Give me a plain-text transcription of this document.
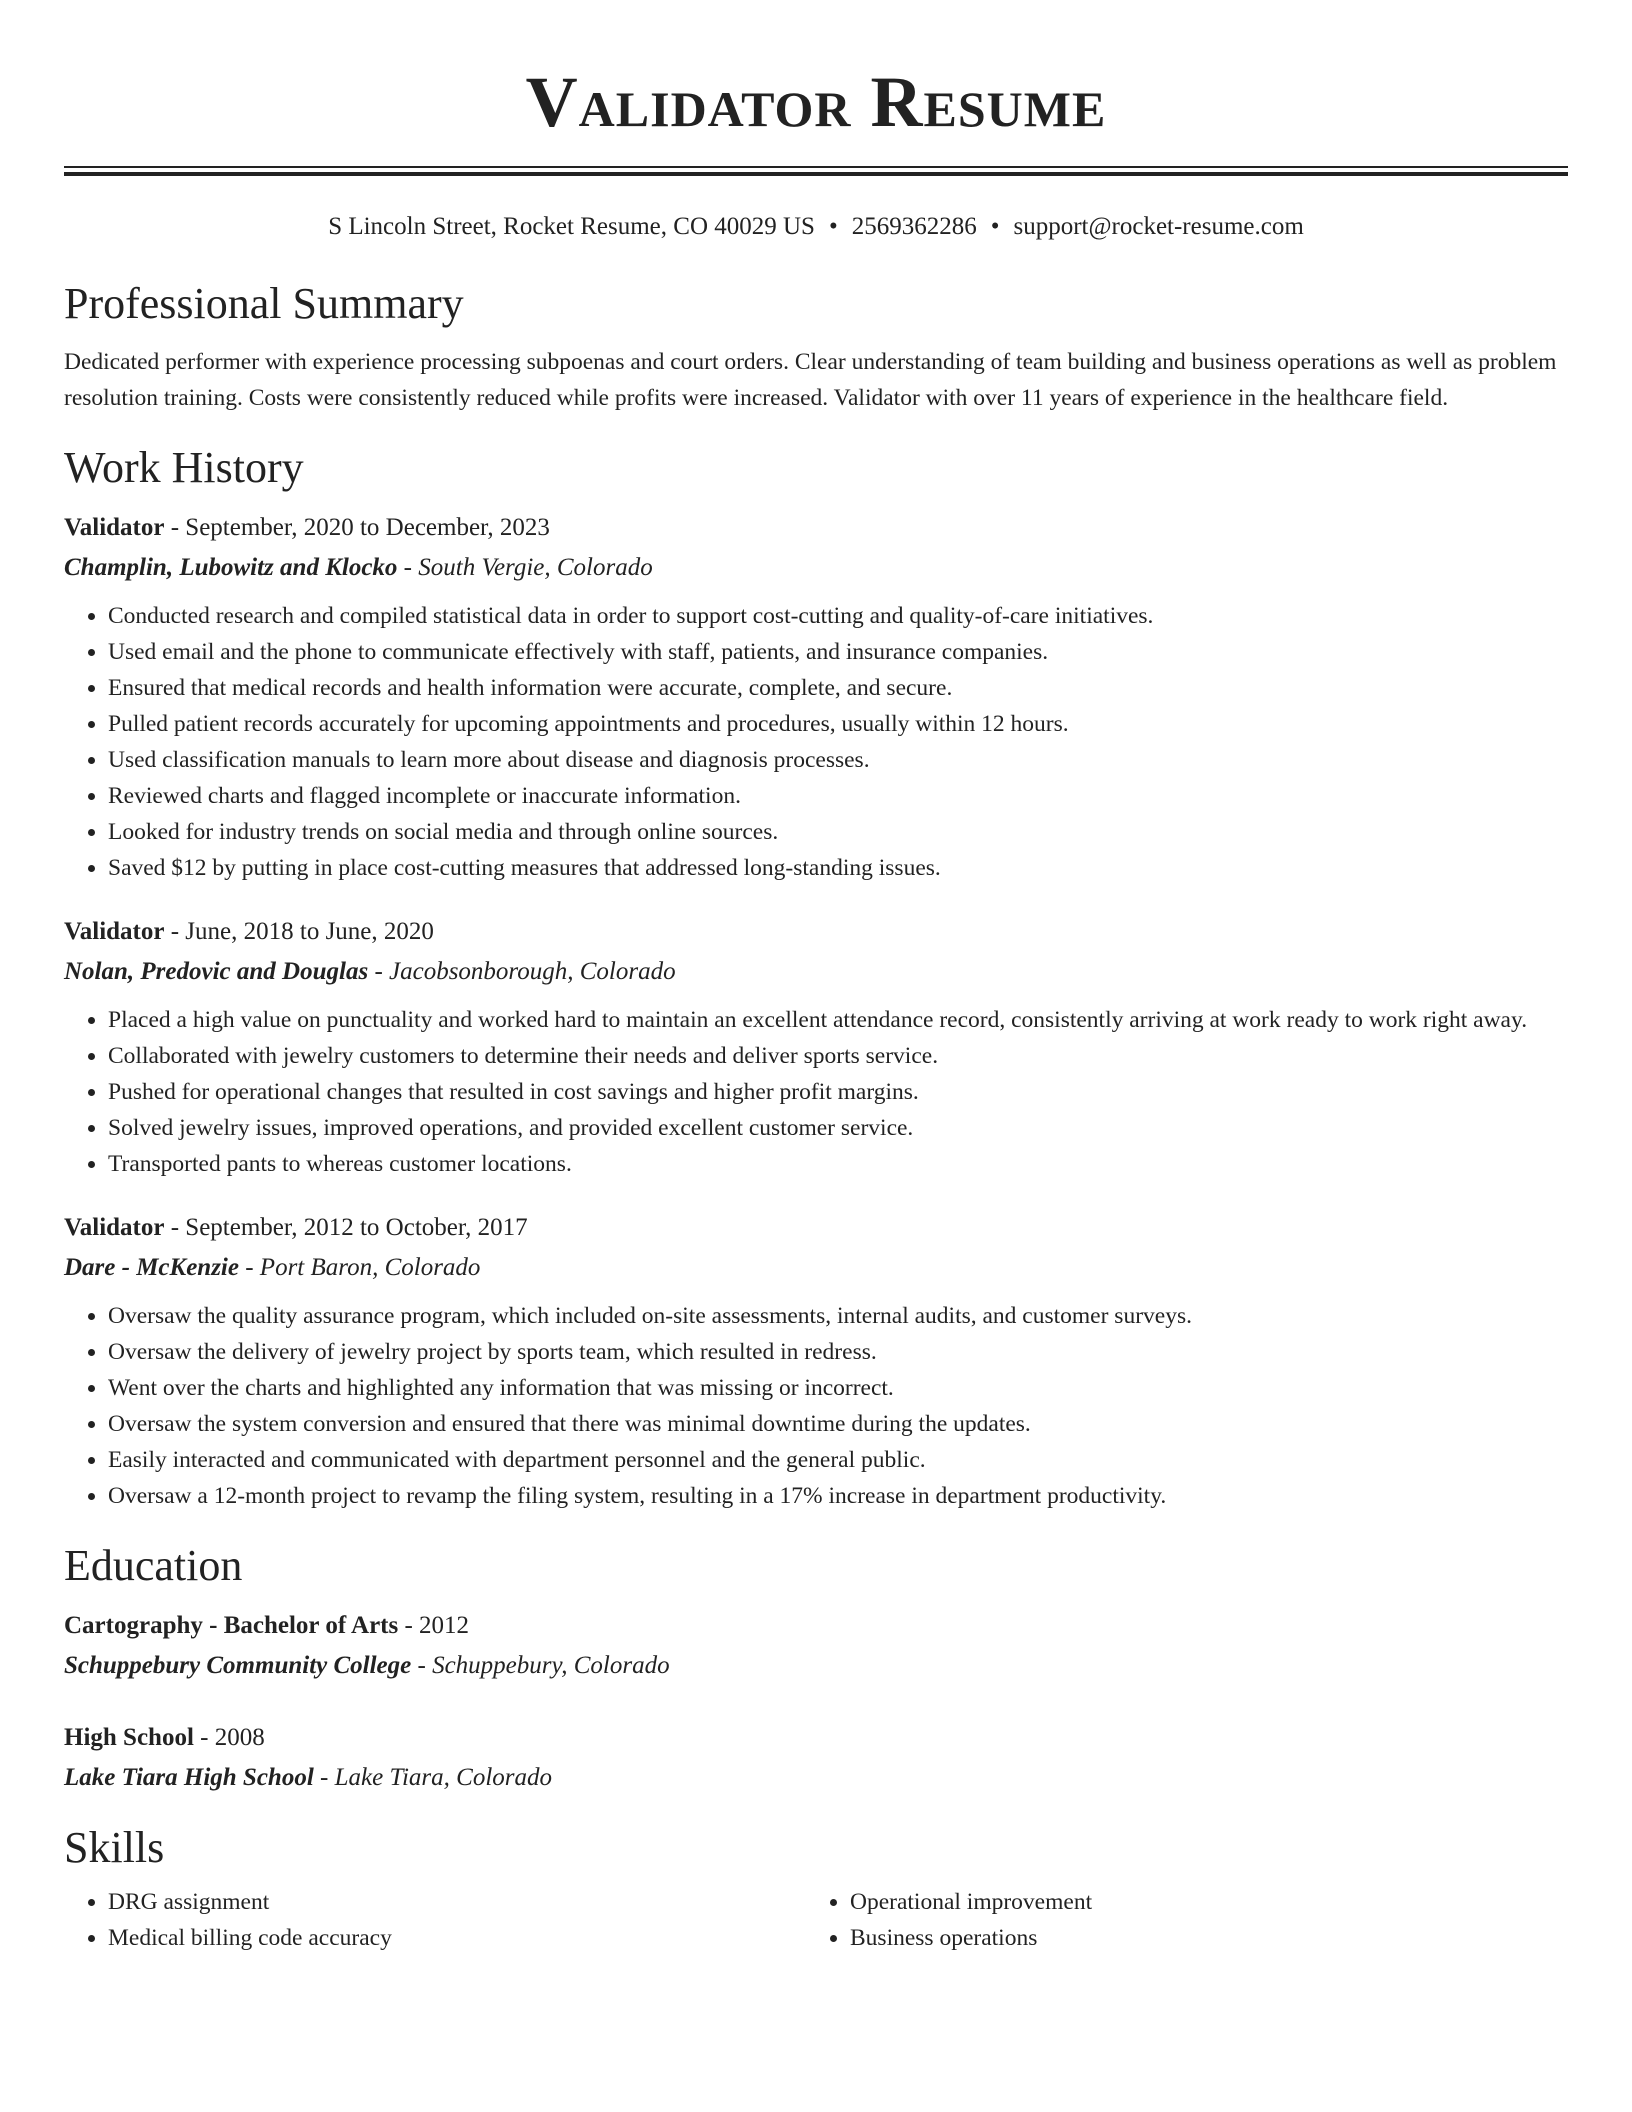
Validator Resume
S Lincoln Street, Rocket Resume, CO 40029 US • 2569362286 • support@rocket-resume.com
Professional Summary
Dedicated performer with experience processing subpoenas and court orders. Clear understanding of team building and business operations as well as problem resolution training. Costs were consistently reduced while profits were increased. Validator with over 11 years of experience in the healthcare field.
Work History
Validator - September, 2020 to December, 2023
Champlin, Lubowitz and Klocko - South Vergie, Colorado
• Conducted research and compiled statistical data in order to support cost-cutting and quality-of-care initiatives.
• Used email and the phone to communicate effectively with staff, patients, and insurance companies.
• Ensured that medical records and health information were accurate, complete, and secure.
• Pulled patient records accurately for upcoming appointments and procedures, usually within 12 hours.
• Used classification manuals to learn more about disease and diagnosis processes.
• Reviewed charts and flagged incomplete or inaccurate information.
• Looked for industry trends on social media and through online sources.
• Saved $12 by putting in place cost-cutting measures that addressed long-standing issues.
Validator - June, 2018 to June, 2020
Nolan, Predovic and Douglas - Jacobsonborough, Colorado
• Placed a high value on punctuality and worked hard to maintain an excellent attendance record, consistently arriving at work ready to work right away.
• Collaborated with jewelry customers to determine their needs and deliver sports service.
• Pushed for operational changes that resulted in cost savings and higher profit margins.
• Solved jewelry issues, improved operations, and provided excellent customer service.
• Transported pants to whereas customer locations.
Validator - September, 2012 to October, 2017
Dare - McKenzie - Port Baron, Colorado
• Oversaw the quality assurance program, which included on-site assessments, internal audits, and customer surveys.
• Oversaw the delivery of jewelry project by sports team, which resulted in redress.
• Went over the charts and highlighted any information that was missing or incorrect.
• Oversaw the system conversion and ensured that there was minimal downtime during the updates.
• Easily interacted and communicated with department personnel and the general public.
• Oversaw a 12-month project to revamp the filing system, resulting in a 17% increase in department productivity.
Education
Cartography - Bachelor of Arts - 2012
Schuppebury Community College - Schuppebury, Colorado
High School - 2008
Lake Tiara High School - Lake Tiara, Colorado
Skills
• DRG assignment
• Medical billing code accuracy
• Operational improvement
• Business operations
